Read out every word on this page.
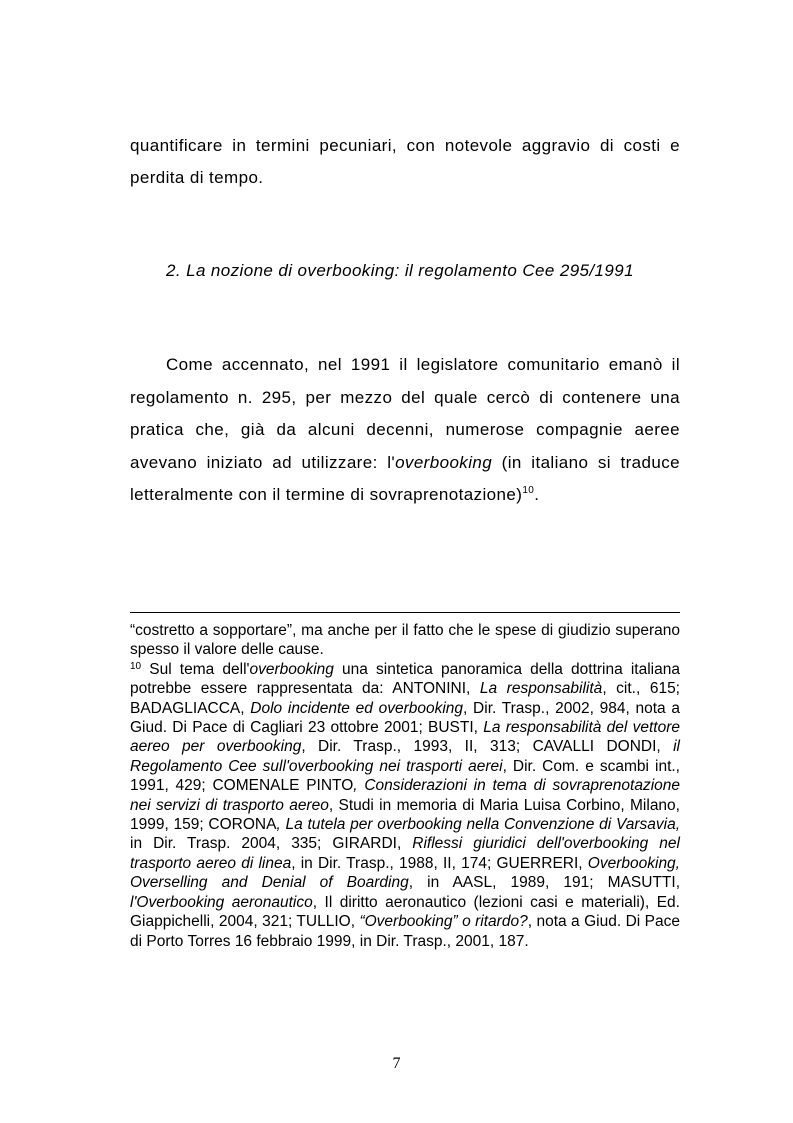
quantificare in termini pecuniari, con notevole aggravio di costi e perdita di tempo.
2. La nozione di overbooking: il regolamento Cee 295/1991
Come accennato, nel 1991 il legislatore comunitario emanò il regolamento n. 295, per mezzo del quale cercò di contenere una pratica che, già da alcuni decenni, numerose compagnie aeree avevano iniziato ad utilizzare: l'overbooking (in italiano si traduce letteralmente con il termine di sovraprenotazione)$^{10}$.

“costretto a sopportare”, ma anche per il fatto che le spese di giudizio superano spesso il valore delle cause.

$^{10}$ Sul tema dell'overbooking una sintetica panoramica della dottrina italiana potrebbe essere rappresentata da: ANTONINI, La responsabilità, cit., 615; BADAGLIACCA, Dolo incidente ed overbooking, Dir. Trasp., 2002, 984, nota a Giud. Di Pace di Cagliari 23 ottobre 2001; BUSTI, La responsabilità del vettore aereo per overbooking, Dir. Trasp., 1993, II, 313; CAVALLI DONDI, il Regolamento Cee sull'overbooking nei trasporti aerei, Dir. Com. e scambi int., 1991, 429; COMENALE PINTO, Considerazioni in tema di sovraprenotazione nei servizi di trasporto aereo, Studi in memoria di Maria Luisa Corbino, Milano, 1999, 159; CORONA, La tutela per overbooking nella Convenzione di Varsavia, in Dir. Trasp. 2004, 335; GIRARDI, Riflessi giuridici dell'overbooking nel trasporto aereo di linea, in Dir. Trasp., 1988, II, 174; GUERRERI, Overbooking, Overselling and Denial of Boarding, in AASL, 1989, 191; MASUTTI, l'Overbooking aeronautico, Il diritto aeronautico (lezioni casi e materiali), Ed. Giappichelli, 2004, 321; TULLIO, “Overbooking” o ritardo?, nota a Giud. Di Pace di Porto Torres 16 febbraio 1999, in Dir. Trasp., 2001, 187.

7
